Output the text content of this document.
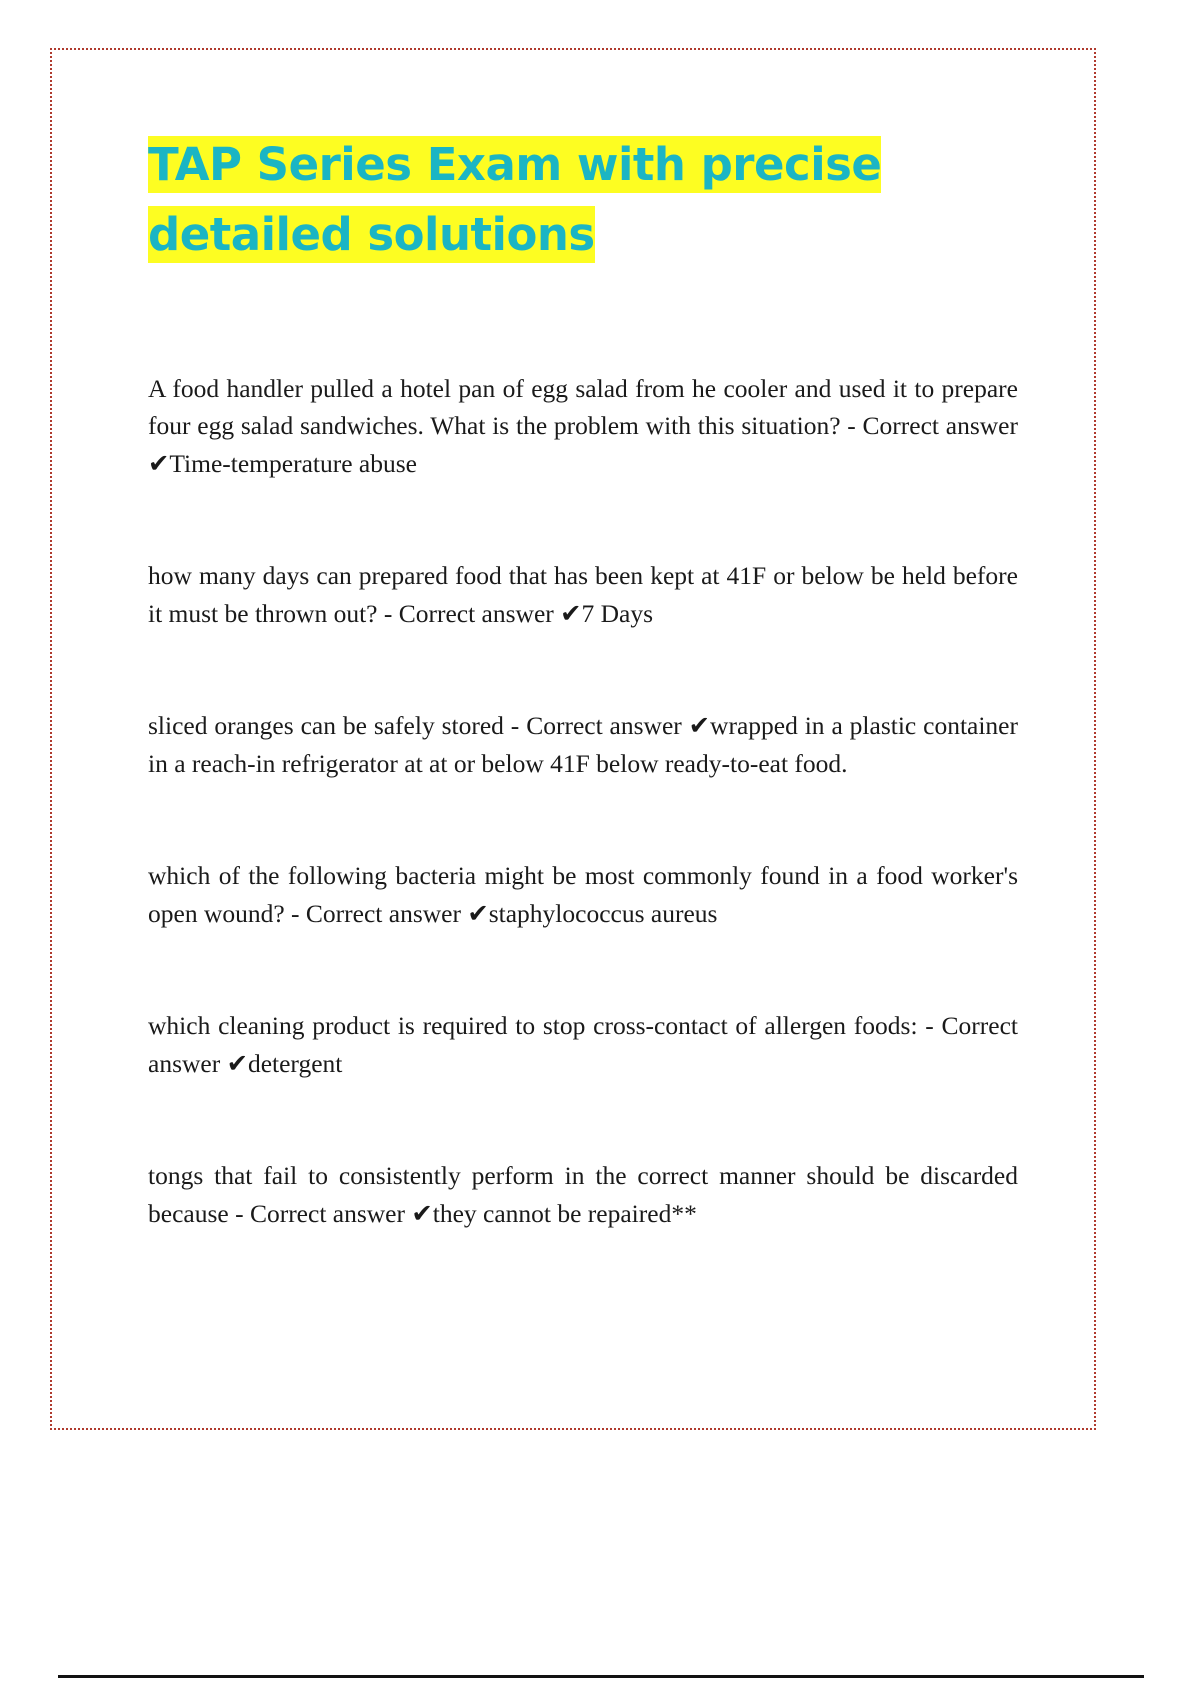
TAP Series Exam with precise
detailed solutions

A food handler pulled a hotel pan of egg salad from he cooler and used it to prepare four egg salad sandwiches. What is the problem with this situation? - Correct answer ✔Time-temperature abuse

how many days can prepared food that has been kept at 41F or below be held before it must be thrown out? - Correct answer ✔7 Days

sliced oranges can be safely stored - Correct answer ✔wrapped in a plastic container in a reach-in refrigerator at at or below 41F below ready-to-eat food.

which of the following bacteria might be most commonly found in a food worker's open wound? - Correct answer ✔staphylococcus aureus

which cleaning product is required to stop cross-contact of allergen foods: - Correct answer ✔detergent

tongs that fail to consistently perform in the correct manner should be discarded because - Correct answer ✔they cannot be repaired**
